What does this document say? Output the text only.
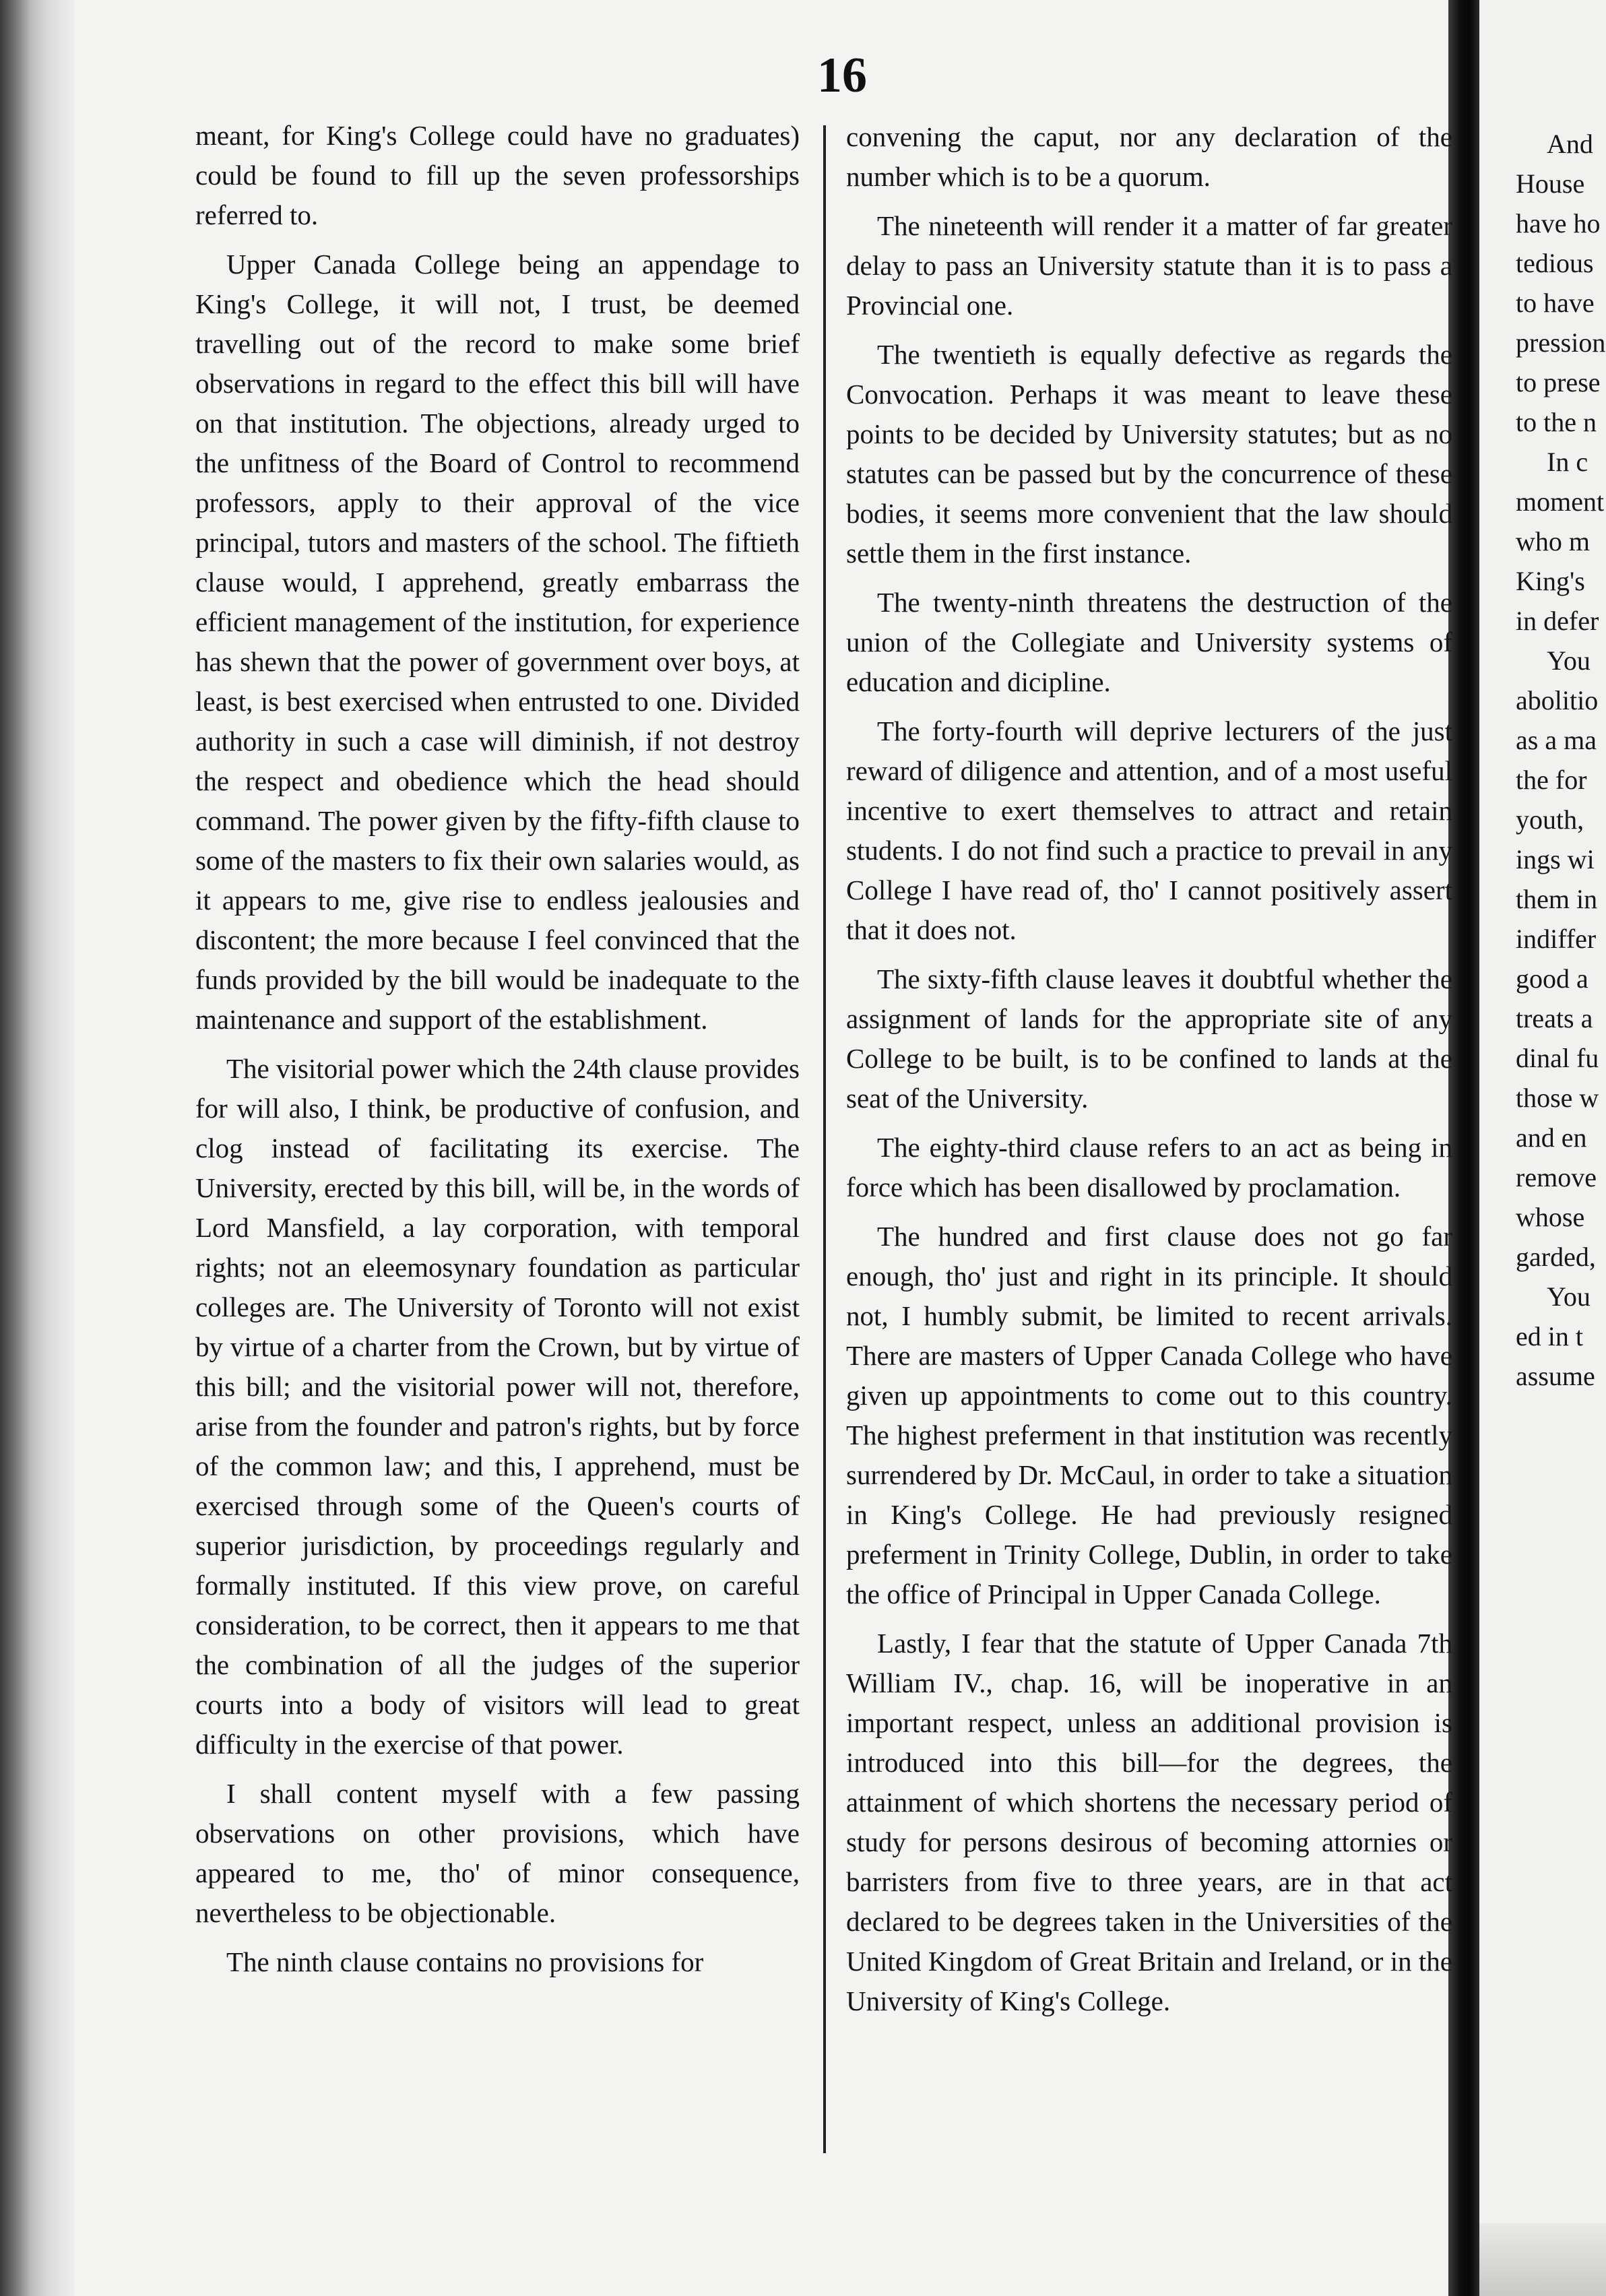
16

meant, for King's College could have no graduates) could be found to fill up the seven professorships referred to.

Upper Canada College being an appendage to King's College, it will not, I trust, be deemed travelling out of the record to make some brief observations in regard to the effect this bill will have on that institution. The objections, already urged to the unfitness of the Board of Control to recommend professors, apply to their approval of the vice principal, tutors and masters of the school. The fiftieth clause would, I apprehend, greatly embarrass the efficient management of the institution, for experience has shewn that the power of government over boys, at least, is best exercised when entrusted to one. Divided authority in such a case will diminish, if not destroy the respect and obedience which the head should command. The power given by the fifty-fifth clause to some of the masters to fix their own salaries would, as it appears to me, give rise to endless jealousies and discontent; the more because I feel convinced that the funds provided by the bill would be inadequate to the maintenance and support of the establishment.

The visitorial power which the 24th clause provides for will also, I think, be productive of confusion, and clog instead of facilitating its exercise. The University, erected by this bill, will be, in the words of Lord Mansfield, a lay corporation, with temporal rights; not an eleemosynary foundation as particular colleges are. The University of Toronto will not exist by virtue of a charter from the Crown, but by virtue of this bill; and the visitorial power will not, therefore, arise from the founder and patron's rights, but by force of the common law; and this, I apprehend, must be exercised through some of the Queen's courts of superior jurisdiction, by proceedings regularly and formally instituted. If this view prove, on careful consideration, to be correct, then it appears to me that the combination of all the judges of the superior courts into a body of visitors will lead to great difficulty in the exercise of that power.

I shall content myself with a few passing observations on other provisions, which have appeared to me, tho' of minor consequence, nevertheless to be objectionable.

The ninth clause contains no provisions for

convening the caput, nor any declaration of the number which is to be a quorum.

The nineteenth will render it a matter of far greater delay to pass an University statute than it is to pass a Provincial one.

The twentieth is equally defective as regards the Convocation. Perhaps it was meant to leave these points to be decided by University statutes; but as no statutes can be passed but by the concurrence of these bodies, it seems more convenient that the law should settle them in the first instance.

The twenty-ninth threatens the destruction of the union of the Collegiate and University systems of education and dicipline.

The forty-fourth will deprive lecturers of the just reward of diligence and attention, and of a most useful incentive to exert themselves to attract and retain students. I do not find such a practice to prevail in any College I have read of, tho' I cannot positively assert that it does not.

The sixty-fifth clause leaves it doubtful whether the assignment of lands for the appropriate site of any College to be built, is to be confined to lands at the seat of the University.

The eighty-third clause refers to an act as being in force which has been disallowed by proclamation.

The hundred and first clause does not go far enough, tho' just and right in its principle. It should not, I humbly submit, be limited to recent arrivals. There are masters of Upper Canada College who have given up appointments to come out to this country. The highest preferment in that institution was recently surrendered by Dr. McCaul, in order to take a situation in King's College. He had previously resigned preferment in Trinity College, Dublin, in order to take the office of Principal in Upper Canada College.

Lastly, I fear that the statute of Upper Canada 7th William IV., chap. 16, will be inoperative in an important respect, unless an additional provision is introduced into this bill—for the degrees, the attainment of which shortens the necessary period of study for persons desirous of becoming attornies or barristers from five to three years, are in that act declared to be degrees taken in the Universities of the United Kingdom of Great Britain and Ireland, or in the University of King's College.

And
House
have ho
tedious
to have
pression
to prese
to the n
In c
moment
who m
King's
in defer
You
abolitio
as a ma
the for
youth,
ings wi
them in
indiffer
good a
treats a
dinal fu
those w
and en
remove
whose
garded,
You
ed in t
assume
